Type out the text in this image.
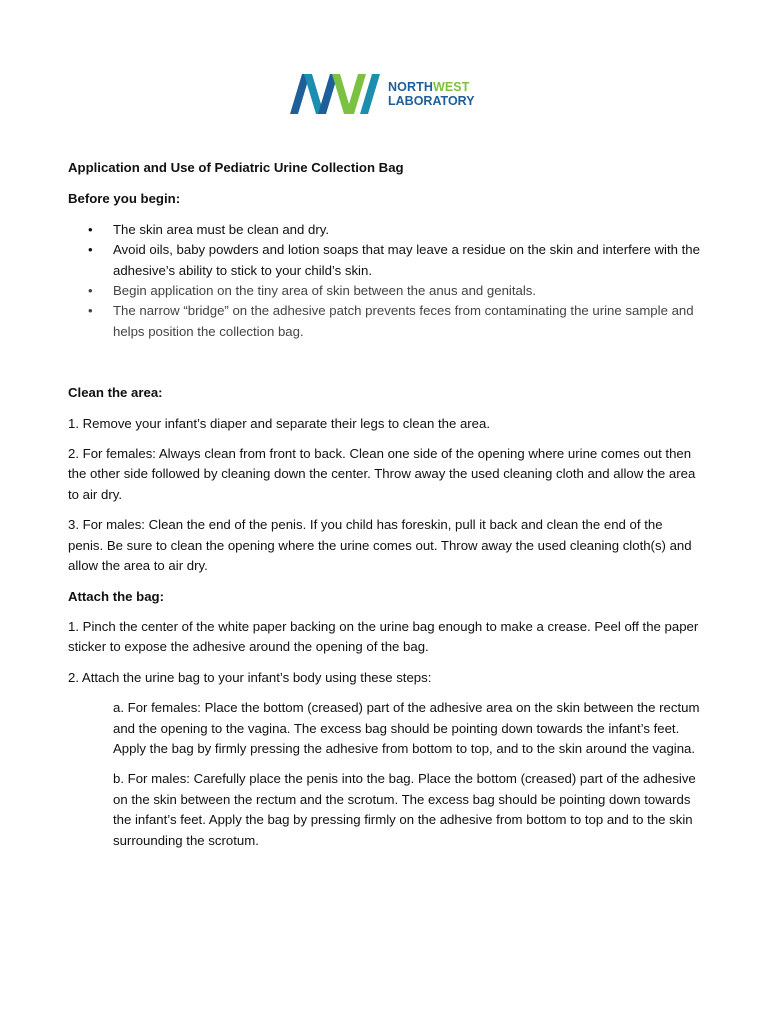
NORTHWEST
LABORATORY

Application and Use of Pediatric Urine Collection Bag

Before you begin:

• The skin area must be clean and dry.
• Avoid oils, baby powders and lotion soaps that may leave a residue on the skin and interfere with the adhesive’s ability to stick to your child’s skin.
• Begin application on the tiny area of skin between the anus and genitals.
• The narrow “bridge” on the adhesive patch prevents feces from contaminating the urine sample and helps position the collection bag.

Clean the area:

1. Remove your infant’s diaper and separate their legs to clean the area.

2. For females: Always clean from front to back. Clean one side of the opening where urine comes out then the other side followed by cleaning down the center. Throw away the used cleaning cloth and allow the area to air dry.

3. For males: Clean the end of the penis. If you child has foreskin, pull it back and clean the end of the penis. Be sure to clean the opening where the urine comes out. Throw away the used cleaning cloth(s) and allow the area to air dry.

Attach the bag:

1. Pinch the center of the white paper backing on the urine bag enough to make a crease. Peel off the paper sticker to expose the adhesive around the opening of the bag.

2. Attach the urine bag to your infant’s body using these steps:

a. For females: Place the bottom (creased) part of the adhesive area on the skin between the rectum and the opening to the vagina. The excess bag should be pointing down towards the infant’s feet. Apply the bag by firmly pressing the adhesive from bottom to top, and to the skin around the vagina.

b. For males: Carefully place the penis into the bag. Place the bottom (creased) part of the adhesive on the skin between the rectum and the scrotum. The excess bag should be pointing down towards the infant’s feet. Apply the bag by pressing firmly on the adhesive from bottom to top and to the skin surrounding the scrotum.
